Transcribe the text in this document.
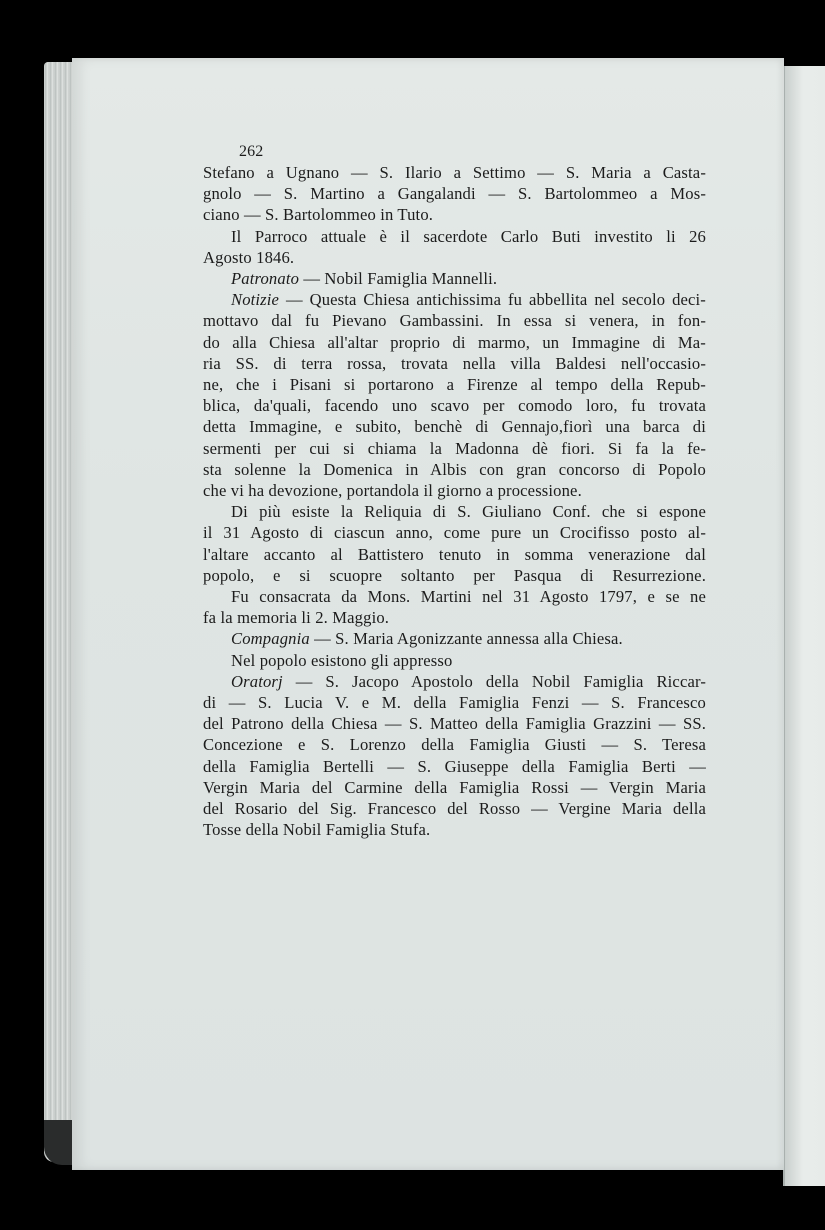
262
Stefano a Ugnano — S. Ilario a Settimo — S. Maria a Casta-
gnolo — S. Martino a Gangalandi — S. Bartolommeo a Mos-
ciano — S. Bartolommeo in Tuto.
Il Parroco attuale è il sacerdote Carlo Buti investito li 26
Agosto 1846.
Patronato — Nobil Famiglia Mannelli.
Notizie — Questa Chiesa antichissima fu abbellita nel secolo deci-
mottavo dal fu Pievano Gambassini. In essa si venera, in fon-
do alla Chiesa all'altar proprio di marmo, un Immagine di Ma-
ria SS. di terra rossa, trovata nella villa Baldesi nell'occasio-
ne, che i Pisani si portarono a Firenze al tempo della Repub-
blica, da'quali, facendo uno scavo per comodo loro, fu trovata
detta Immagine, e subito, benchè di Gennajo,fiorì una barca di
sermenti per cui si chiama la Madonna dè fiori. Si fa la fe-
sta solenne la Domenica in Albis con gran concorso di Popolo
che vi ha devozione, portandola il giorno a processione.
Di più esiste la Reliquia di S. Giuliano Conf. che si espone
il 31 Agosto di ciascun anno, come pure un Crocifisso posto al-
l'altare accanto al Battistero tenuto in somma venerazione dal
popolo, e si scuopre soltanto per Pasqua di Resurrezione.
Fu consacrata da Mons. Martini nel 31 Agosto 1797, e se ne
fa la memoria li 2. Maggio.
Compagnia — S. Maria Agonizzante annessa alla Chiesa.
Nel popolo esistono gli appresso
Oratorj — S. Jacopo Apostolo della Nobil Famiglia Riccar-
di — S. Lucia V. e M. della Famiglia Fenzi — S. Francesco
del Patrono della Chiesa — S. Matteo della Famiglia Grazzini — SS.
Concezione e S. Lorenzo della Famiglia Giusti — S. Teresa
della Famiglia Bertelli — S. Giuseppe della Famiglia Berti —
Vergin Maria del Carmine della Famiglia Rossi — Vergin Maria
del Rosario del Sig. Francesco del Rosso — Vergine Maria della
Tosse della Nobil Famiglia Stufa.
